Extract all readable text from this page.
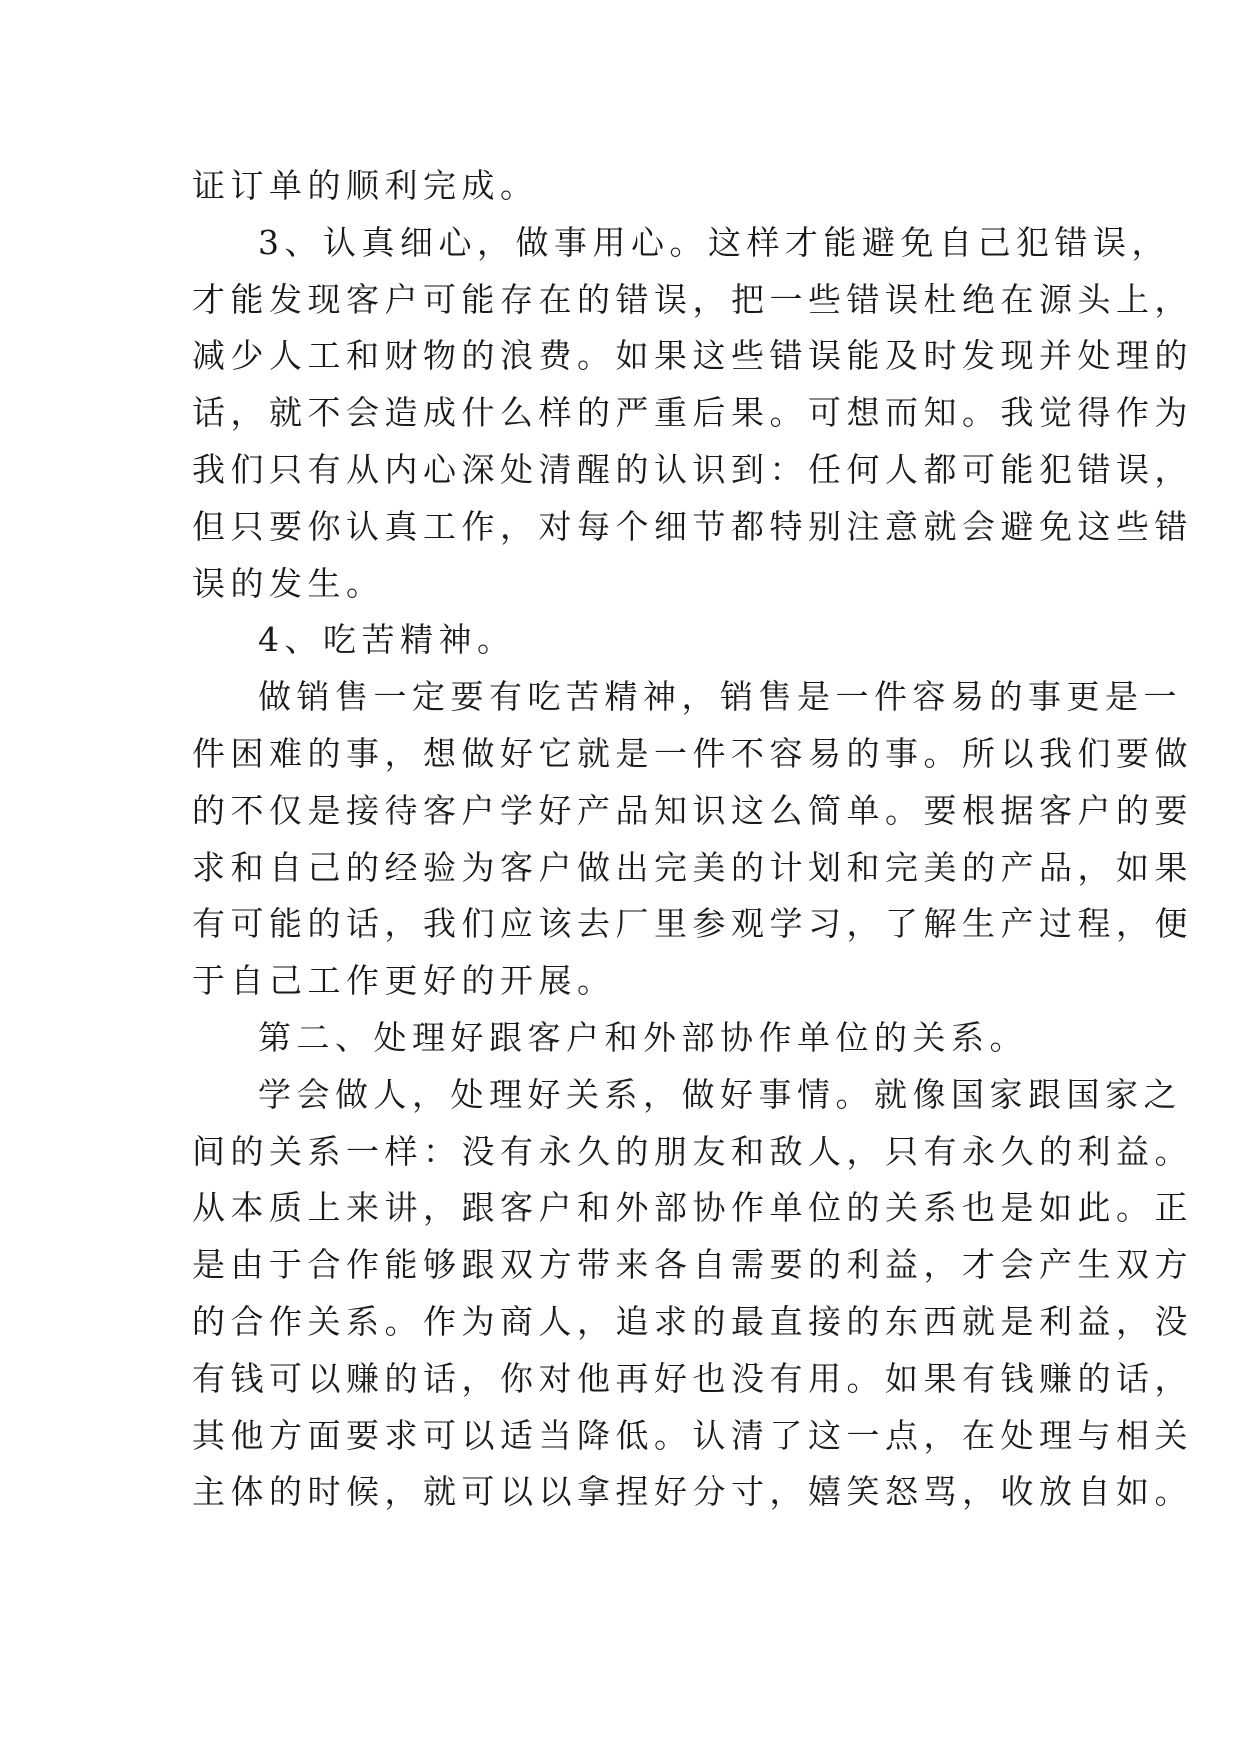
证订单的顺利完成。
3、认真细心，做事用心。这样才能避免自己犯错误，
才能发现客户可能存在的错误，把一些错误杜绝在源头上，
减少人工和财物的浪费。如果这些错误能及时发现并处理的
话，就不会造成什么样的严重后果。可想而知。我觉得作为
我们只有从内心深处清醒的认识到：任何人都可能犯错误，
但只要你认真工作，对每个细节都特别注意就会避免这些错
误的发生。
4、吃苦精神。
做销售一定要有吃苦精神，销售是一件容易的事更是一
件困难的事，想做好它就是一件不容易的事。所以我们要做
的不仅是接待客户学好产品知识这么简单。要根据客户的要
求和自己的经验为客户做出完美的计划和完美的产品，如果
有可能的话，我们应该去厂里参观学习，了解生产过程，便
于自己工作更好的开展。
第二、处理好跟客户和外部协作单位的关系。
学会做人，处理好关系，做好事情。就像国家跟国家之
间的关系一样：没有永久的朋友和敌人，只有永久的利益。
从本质上来讲，跟客户和外部协作单位的关系也是如此。正
是由于合作能够跟双方带来各自需要的利益，才会产生双方
的合作关系。作为商人，追求的最直接的东西就是利益，没
有钱可以赚的话，你对他再好也没有用。如果有钱赚的话，
其他方面要求可以适当降低。认清了这一点，在处理与相关
主体的时候，就可以以拿捏好分寸，嬉笑怒骂，收放自如。
